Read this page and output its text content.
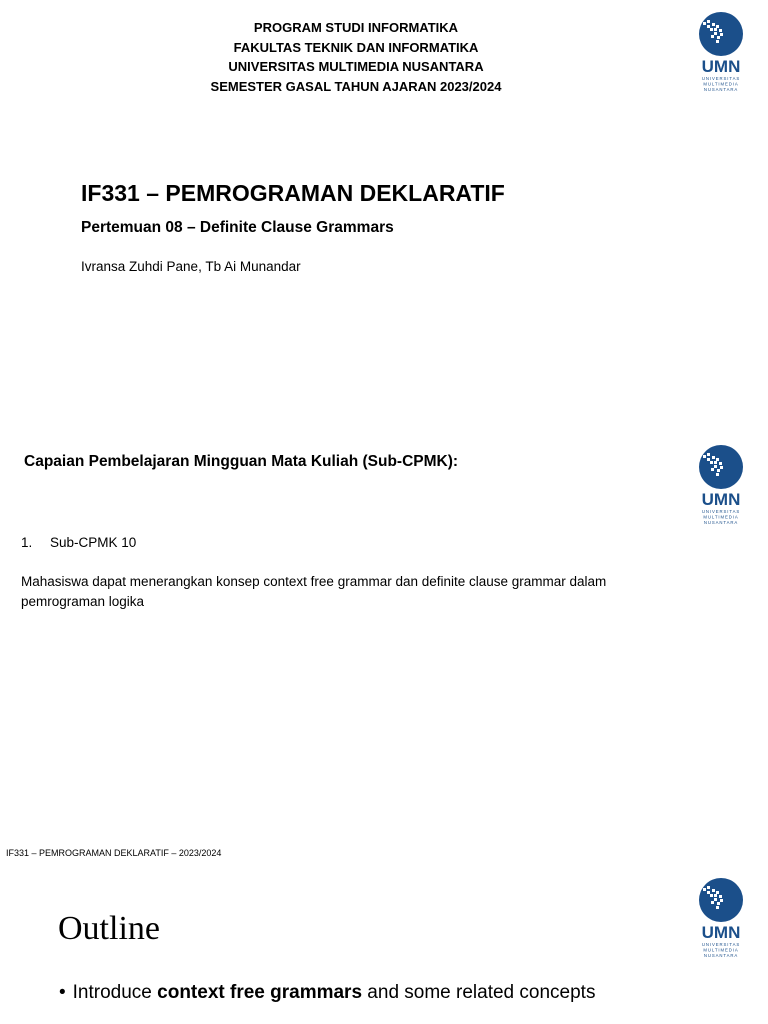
PROGRAM STUDI INFORMATIKA
FAKULTAS TEKNIK DAN INFORMATIKA
UNIVERSITAS MULTIMEDIA NUSANTARA
SEMESTER GASAL TAHUN AJARAN 2023/2024
UMN
UNIVERSITAS
MULTIMEDIA
NUSANTARA
IF331 – PEMROGRAMAN DEKLARATIF
Pertemuan 08 – Definite Clause Grammars
Ivransa Zuhdi Pane, Tb Ai Munandar
Capaian Pembelajaran Mingguan Mata Kuliah (Sub-CPMK):
UMN
UNIVERSITAS
MULTIMEDIA
NUSANTARA
1. Sub-CPMK 10
Mahasiswa dapat menerangkan konsep context free grammar dan definite clause grammar dalam pemrograman logika
IF331 – PEMROGRAMAN DEKLARATIF – 2023/2024
Outline	UMN
UNIVERSITAS
MULTIMEDIA
NUSANTARA
• Introduce context free grammars and some related concepts
